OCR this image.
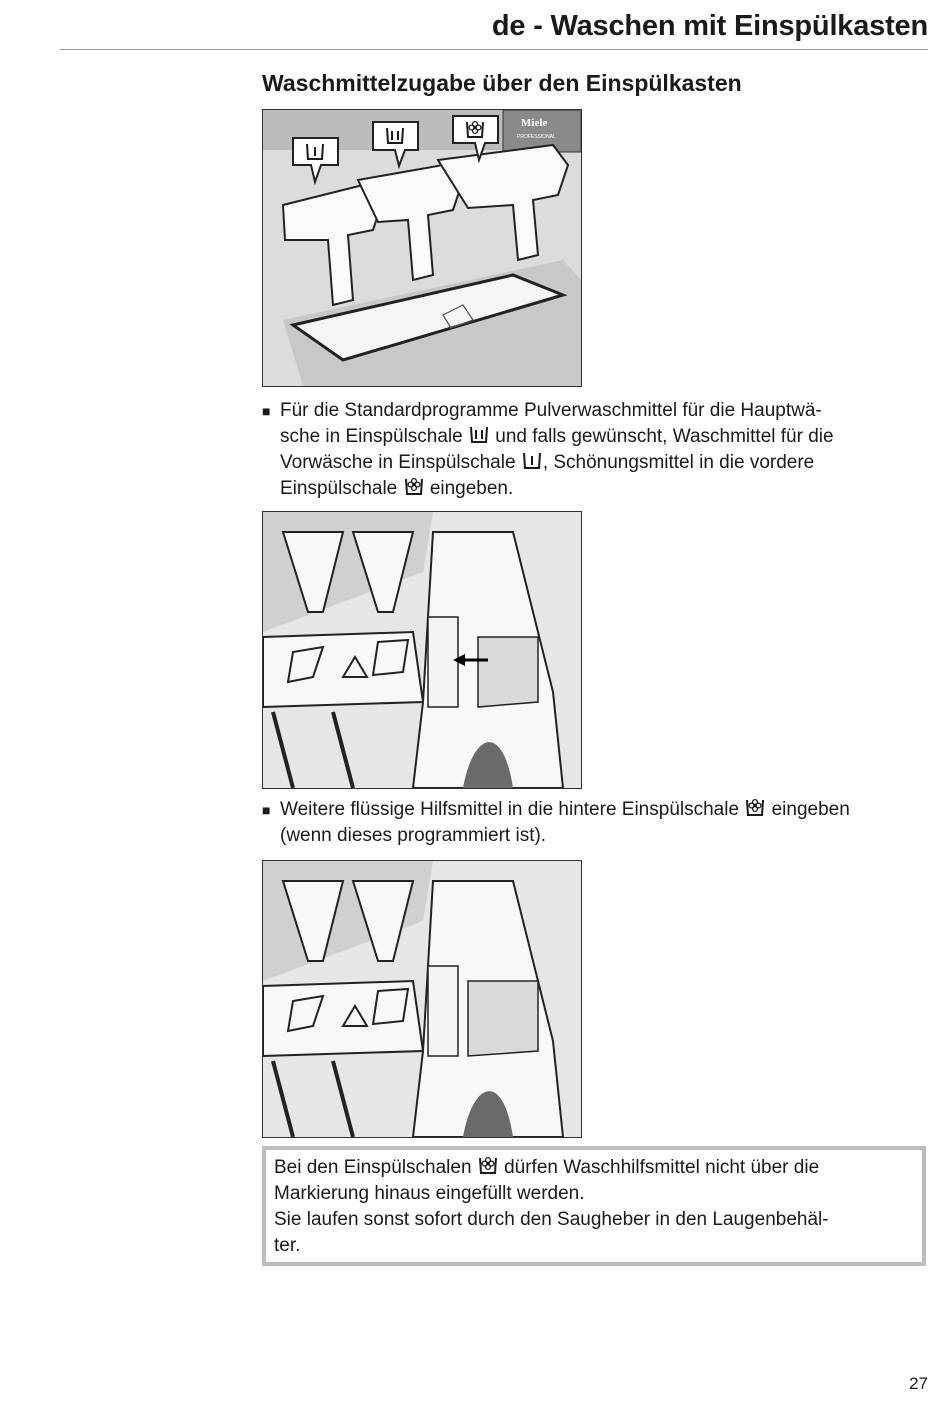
de - Waschen mit Einspülkasten
Waschmittelzugabe über den Einspülkasten
Miele
PROFESSIONAL
■ Für die Standardprogramme Pulverwaschmittel für die Hauptwä-
sche in Einspülschale und falls gewünscht, Waschmittel für die
Vorwäsche in Einspülschale , Schönungsmittel in die vordere
Einspülschale eingeben.
■ Weitere flüssige Hilfsmittel in die hintere Einspülschale eingeben
(wenn dieses programmiert ist).

Bei den Einspülschalen dürfen Waschhilfsmittel nicht über die

Markierung hinaus eingefüllt werden.

Sie laufen sonst sofort durch den Saugheber in den Laugenbehäl-

ter.

27
